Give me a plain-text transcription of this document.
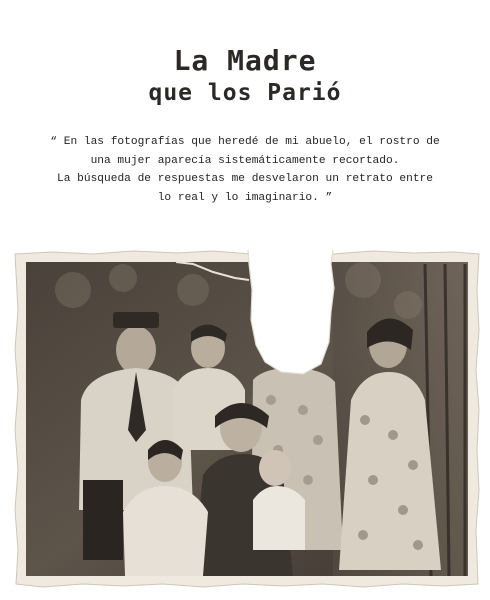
La Madre
que los Parió
“ En las fotografías que heredé de mi abuelo, el rostro de
una mujer aparecía sistemáticamente recortado.
La búsqueda de respuestas me desvelaron un retrato entre
lo real y lo imaginario. ”
